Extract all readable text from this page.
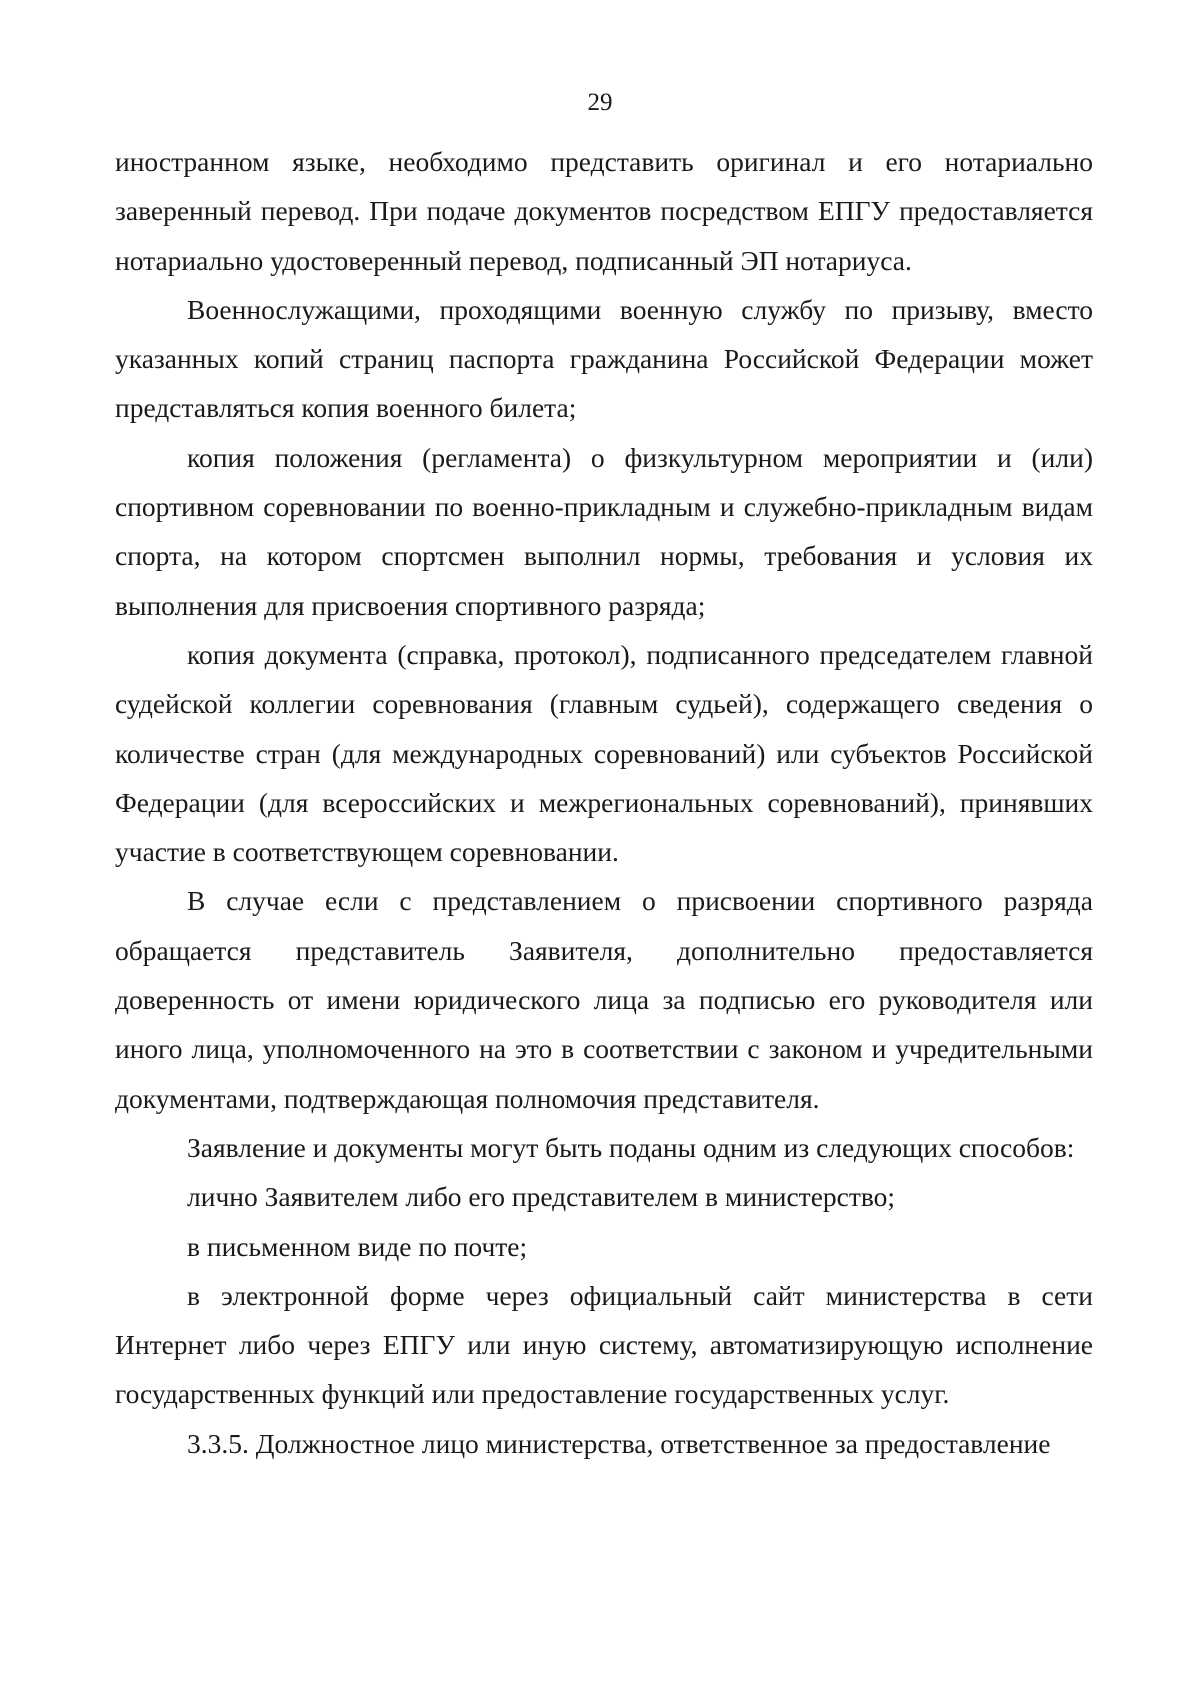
29

иностранном языке, необходимо представить оригинал и его нотариально заверенный перевод. При подаче документов посредством ЕПГУ предоставляется нотариально удостоверенный перевод, подписанный ЭП нотариуса.

Военнослужащими, проходящими военную службу по призыву, вместо указанных копий страниц паспорта гражданина Российской Федерации может представляться копия военного билета;

копия положения (регламента) о физкультурном мероприятии и (или) спортивном соревновании по военно-прикладным и служебно-прикладным видам спорта, на котором спортсмен выполнил нормы, требования и условия их выполнения для присвоения спортивного разряда;

копия документа (справка, протокол), подписанного председателем главной судейской коллегии соревнования (главным судьей), содержащего сведения о количестве стран (для международных соревнований) или субъектов Российской Федерации (для всероссийских и межрегиональных соревнований), принявших участие в соответствующем соревновании.

В случае если с представлением о присвоении спортивного разряда обращается представитель Заявителя, дополнительно предоставляется доверенность от имени юридического лица за подписью его руководителя или иного лица, уполномоченного на это в соответствии с законом и учредительными документами, подтверждающая полномочия представителя.

Заявление и документы могут быть поданы одним из следующих способов:

лично Заявителем либо его представителем в министерство;

в письменном виде по почте;

в электронной форме через официальный сайт министерства в сети Интернет либо через ЕПГУ или иную систему, автоматизирующую исполнение государственных функций или предоставление государственных услуг.

3.3.5. Должностное лицо министерства, ответственное за предоставление
